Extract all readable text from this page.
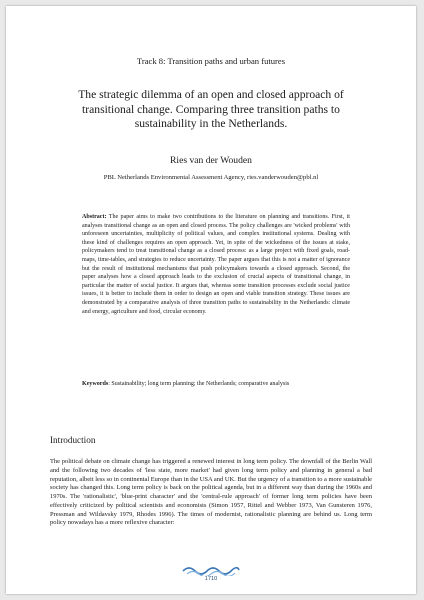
Track 8: Transition paths and urban futures
The strategic dilemma of an open and closed approach of transitional change. Comparing three transition paths to sustainability in the Netherlands.
Ries van der Wouden
PBL Netherlands Environmental Assessment Agency, ries.vanderwouden@pbl.nl

Abstract: The paper aims to make two contributions to the literature on planning and transitions. First, it analyses transitional change as an open and closed process. The policy challenges are 'wicked problems' with unforeseen uncertainties, multiplicity of political values, and complex institutional systems. Dealing with these kind of challenges requires an open approach. Yet, in spite of the wickedness of the issues at stake, policymakers tend to treat transitional change as a closed process: as a large project with fixed goals, road-maps, time-tables, and strategies to reduce uncertainty. The paper argues that this is not a matter of ignorance but the result of institutional mechanisms that push policymakers towards a closed approach. Second, the paper analyses how a closed approach leads to the exclusion of crucial aspects of transitional change, in particular the matter of social justice. It argues that, whereas some transition processes exclude social justice issues, it is better to include them in order to design an open and viable transition strategy. These issues are demonstrated by a comparative analysis of three transition paths to sustainability in the Netherlands: climate and energy, agriculture and food, circular economy.

Keywords: Sustainability; long term planning; the Netherlands; comparative analysis

Introduction

The political debate on climate change has triggered a renewed interest in long term policy. The downfall of the Berlin Wall and the following two decades of 'less state, more market' had given long term policy and planning in general a bad reputation, albeit less so in continental Europe than in the USA and UK. But the urgency of a transition to a more sustainable society has changed this. Long term policy is back on the political agenda, but in a different way than during the 1960s and 1970s. The 'rationalistic', 'blue-print character' and the 'central-rule approach' of former long term policies have been effectively criticized by political scientists and economists (Simon 1957, Rittel and Webber 1973, Van Gunsteren 1976, Pressman and Wildavsky 1979, Rhodes 1996). The times of modernist, rationalistic planning are behind us. Long term policy nowadays has a more reflexive character:

1710
